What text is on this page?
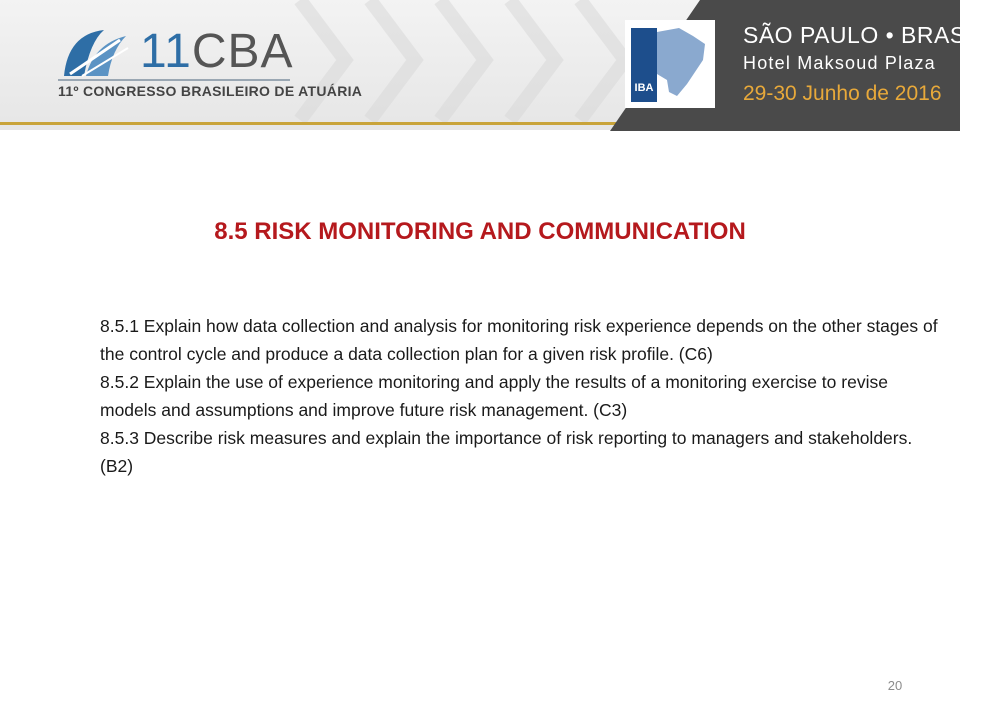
11CBA
11º CONGRESSO BRASILEIRO DE ATUÁRIA	IBA
SÃO PAULO • BRASIL
Hotel Maksoud Plaza
29-30 Junho de 2016
8.5 RISK MONITORING AND COMMUNICATION

8.5.1 Explain how data collection and analysis for monitoring risk experience depends on the other stages of the control cycle and produce a data collection plan for a given risk profile. (C6)

8.5.2 Explain the use of experience monitoring and apply the results of a monitoring exercise to revise models and assumptions and improve future risk management. (C3)

8.5.3 Describe risk measures and explain the importance of risk reporting to managers and stakeholders. (B2)

20
